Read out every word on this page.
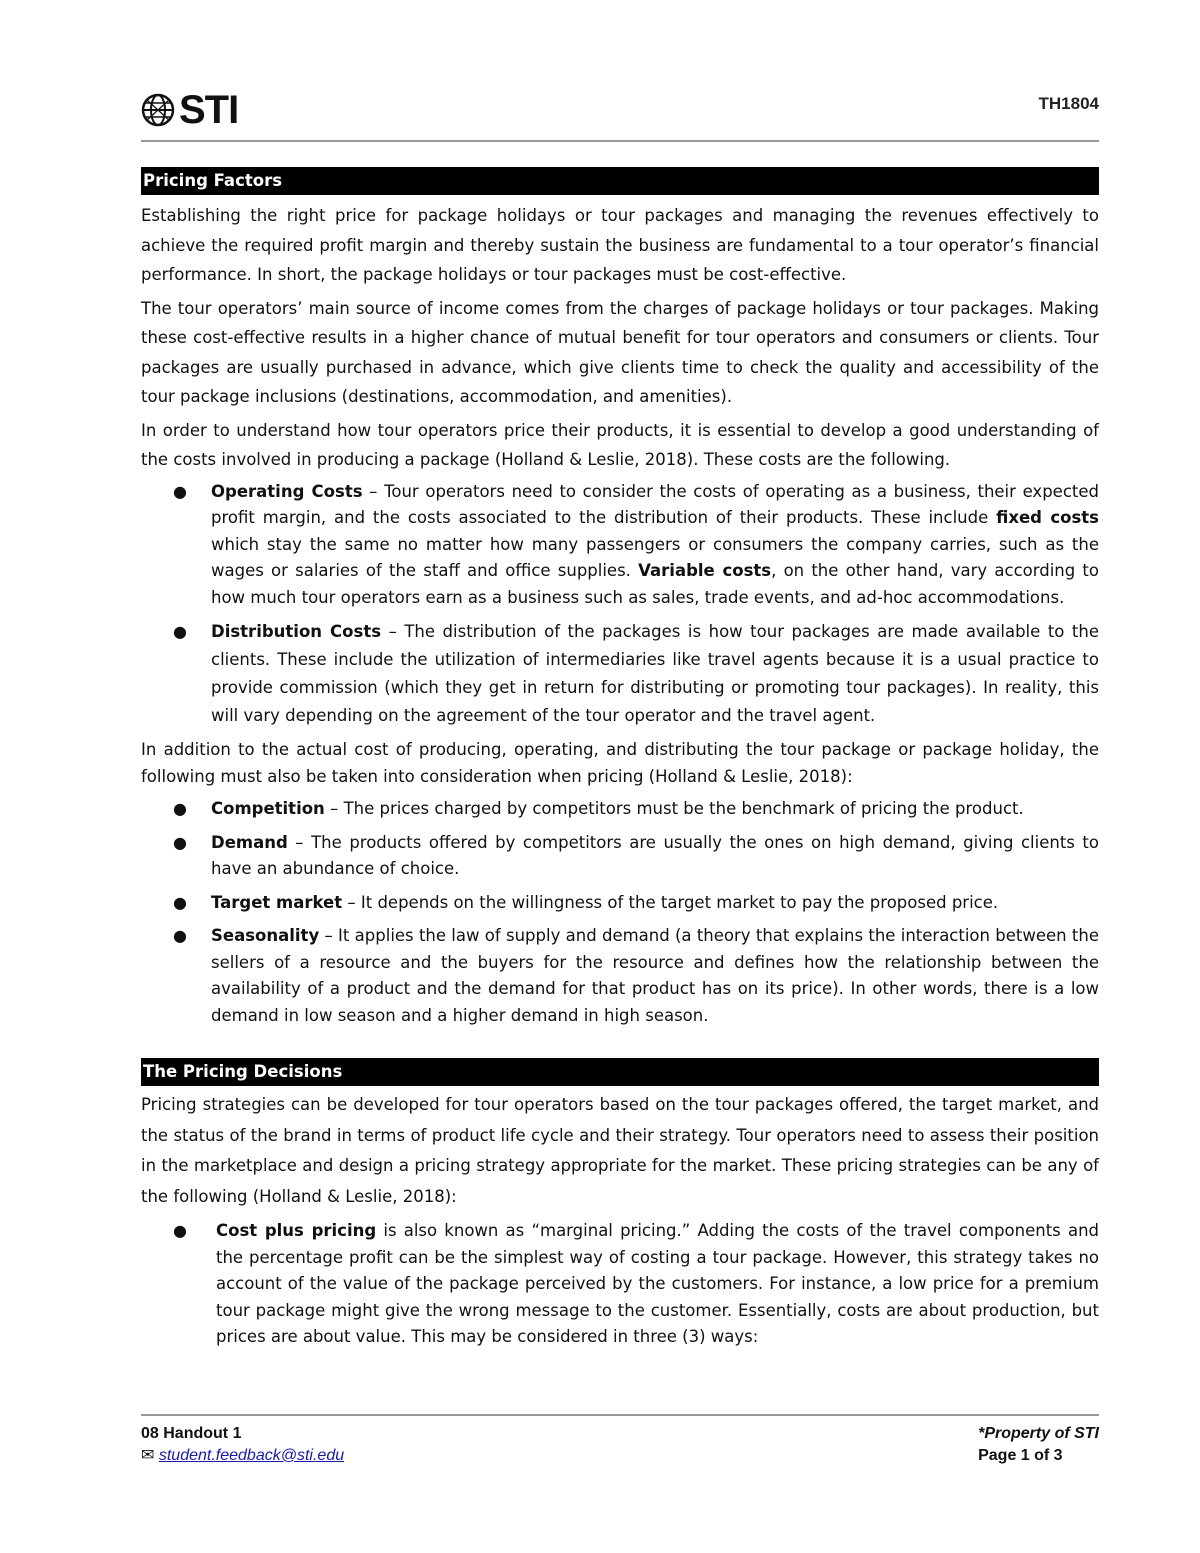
STI	TH1804
Pricing Factors

Establishing the right price for package holidays or tour packages and managing the revenues effectively to achieve the required profit margin and thereby sustain the business are fundamental to a tour operator’s financial performance. In short, the package holidays or tour packages must be cost-effective.

The tour operators’ main source of income comes from the charges of package holidays or tour packages. Making these cost-effective results in a higher chance of mutual benefit for tour operators and consumers or clients. Tour packages are usually purchased in advance, which give clients time to check the quality and accessibility of the tour package inclusions (destinations, accommodation, and amenities).

In order to understand how tour operators price their products, it is essential to develop a good understanding of the costs involved in producing a package (Holland & Leslie, 2018). These costs are the following.

● Operating Costs – Tour operators need to consider the costs of operating as a business, their expected profit margin, and the costs associated to the distribution of their products. These include fixed costs which stay the same no matter how many passengers or consumers the company carries, such as the wages or salaries of the staff and office supplies. Variable costs, on the other hand, vary according to how much tour operators earn as a business such as sales, trade events, and ad-hoc accommodations.
● Distribution Costs – The distribution of the packages is how tour packages are made available to the clients. These include the utilization of intermediaries like travel agents because it is a usual practice to provide commission (which they get in return for distributing or promoting tour packages). In reality, this will vary depending on the agreement of the tour operator and the travel agent.

In addition to the actual cost of producing, operating, and distributing the tour package or package holiday, the following must also be taken into consideration when pricing (Holland & Leslie, 2018):

● Competition – The prices charged by competitors must be the benchmark of pricing the product.
● Demand – The products offered by competitors are usually the ones on high demand, giving clients to have an abundance of choice.
● Target market – It depends on the willingness of the target market to pay the proposed price.
● Seasonality – It applies the law of supply and demand (a theory that explains the interaction between the sellers of a resource and the buyers for the resource and defines how the relationship between the availability of a product and the demand for that product has on its price). In other words, there is a low demand in low season and a higher demand in high season.
The Pricing Decisions

Pricing strategies can be developed for tour operators based on the tour packages offered, the target market, and the status of the brand in terms of product life cycle and their strategy. Tour operators need to assess their position in the marketplace and design a pricing strategy appropriate for the market. These pricing strategies can be any of the following (Holland & Leslie, 2018):

● Cost plus pricing is also known as “marginal pricing.” Adding the costs of the travel components and the percentage profit can be the simplest way of costing a tour package. However, this strategy takes no account of the value of the package perceived by the customers. For instance, a low price for a premium tour package might give the wrong message to the customer. Essentially, costs are about production, but prices are about value. This may be considered in three (3) ways:
08 Handout 1
✉ student.feedback@sti.edu
*Property of STI
Page 1 of 3
